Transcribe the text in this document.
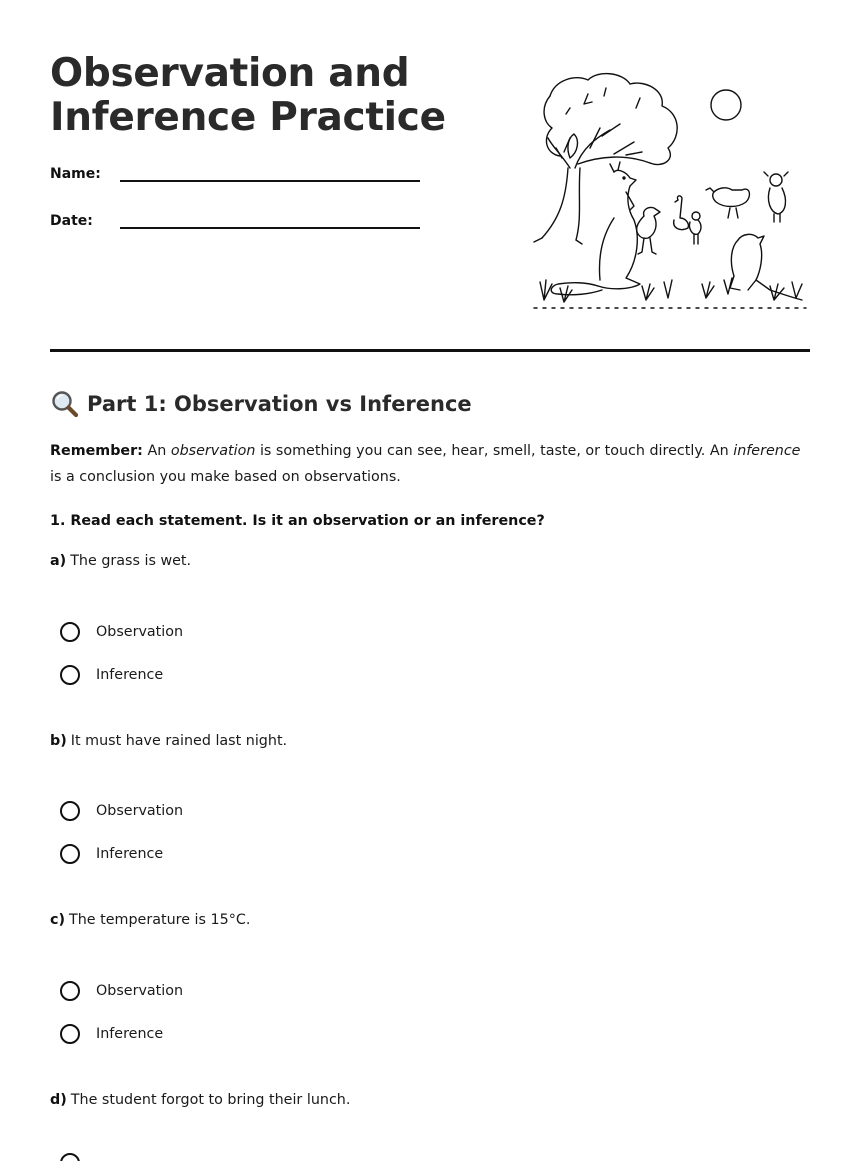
Observation and
Inference Practice
Name:
Date:
Part 1: Observation vs Inference

Remember: An observation is something you can see, hear, smell, taste, or touch directly. An inference is a conclusion you make based on observations.

1. Read each statement. Is it an observation or an inference?
a) The grass is wet.
Observation
Inference
b) It must have rained last night.
Observation
Inference
c) The temperature is 15°C.
Observation
Inference
d) The student forgot to bring their lunch.
